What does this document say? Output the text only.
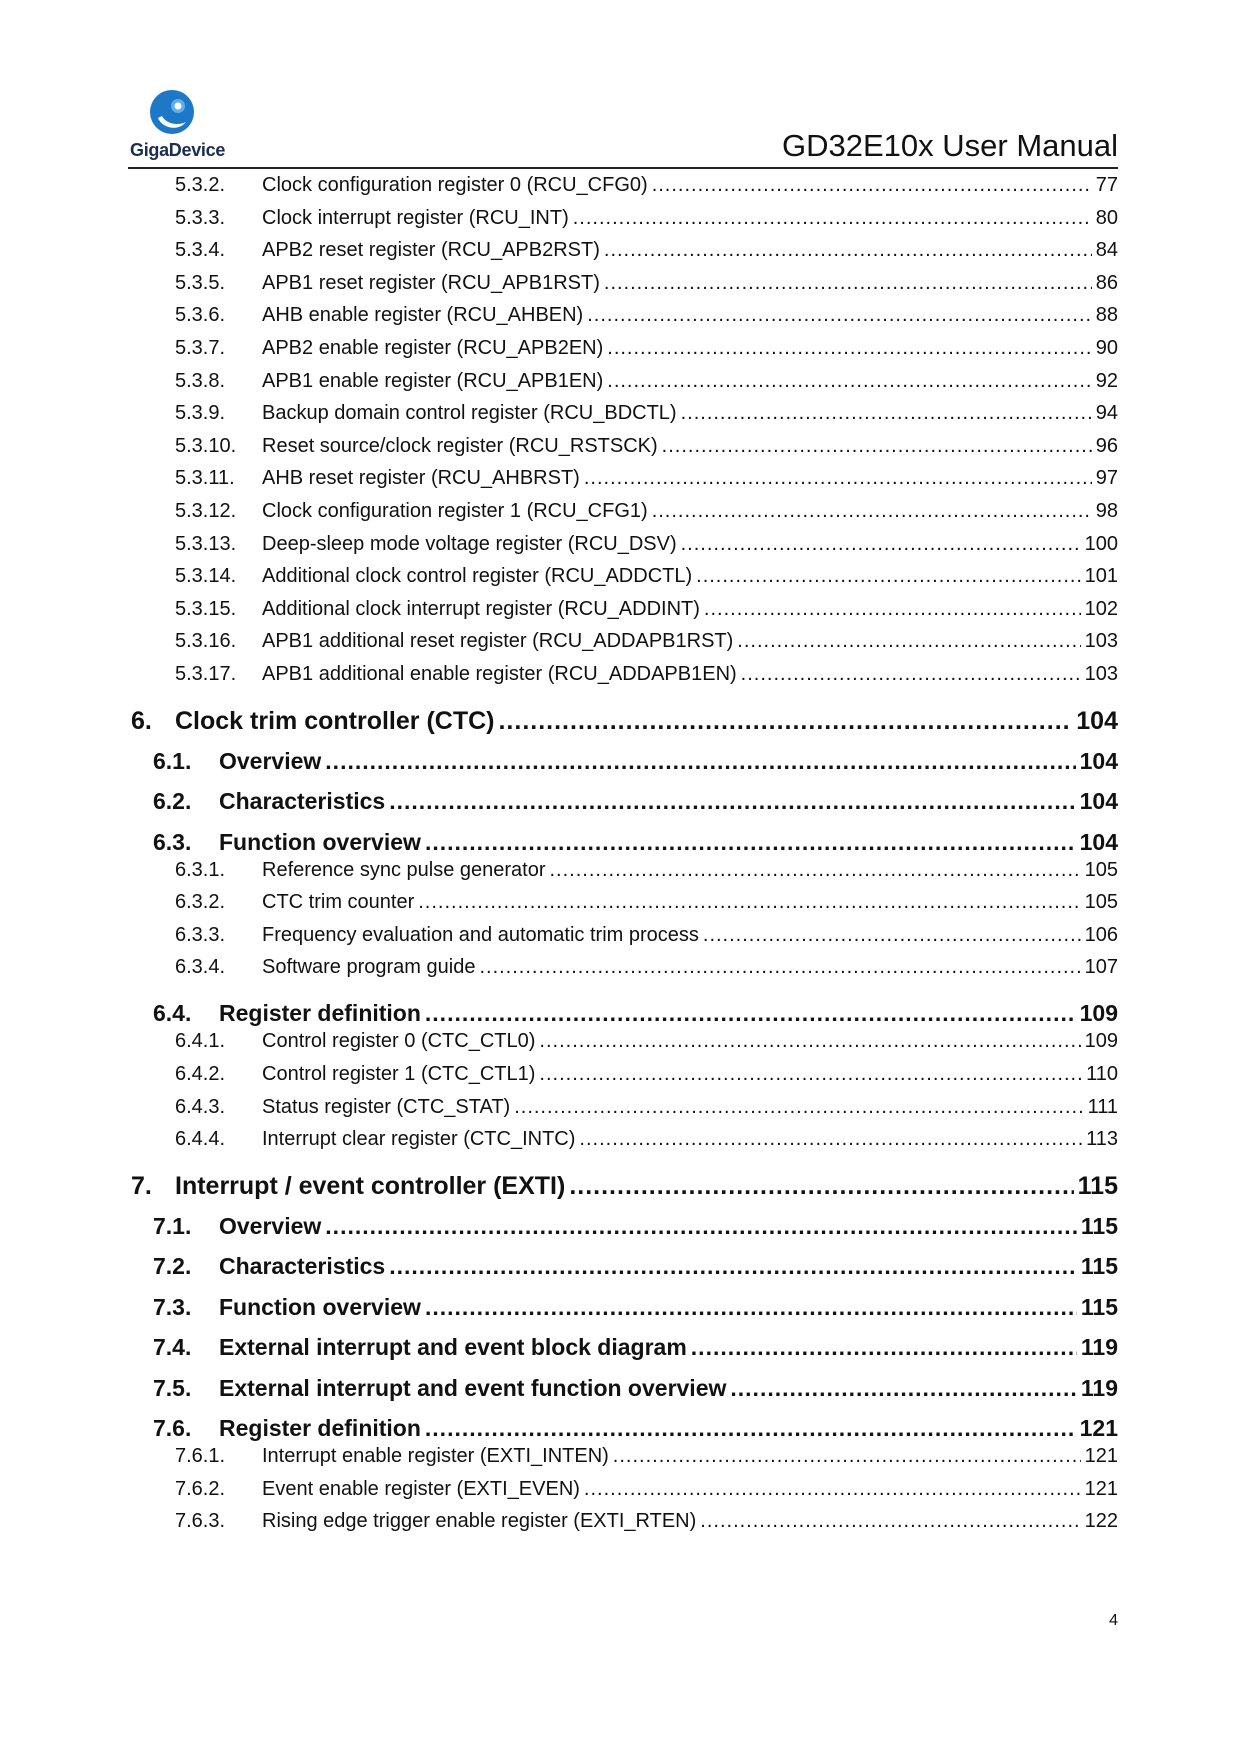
GigaDevice	GD32E10x User Manual
5.3.2. Clock configuration register 0 (RCU_CFG0) .....	77
5.3.3. Clock interrupt register (RCU_INT) .....	80
5.3.4. APB2 reset register (RCU_APB2RST) .....	84
5.3.5. APB1 reset register (RCU_APB1RST) .....	86
5.3.6. AHB enable register (RCU_AHBEN) .....	88
5.3.7. APB2 enable register (RCU_APB2EN) .....	90
5.3.8. APB1 enable register (RCU_APB1EN) .....	92
5.3.9. Backup domain control register (RCU_BDCTL) .....	94
5.3.10. Reset source/clock register (RCU_RSTSCK) .....	96
5.3.11. AHB reset register (RCU_AHBRST) .....	97
5.3.12. Clock configuration register 1 (RCU_CFG1) .....	98
5.3.13. Deep-sleep mode voltage register (RCU_DSV) .....	100
5.3.14. Additional clock control register (RCU_ADDCTL) .....	101
5.3.15. Additional clock interrupt register (RCU_ADDINT) .....	102
5.3.16. APB1 additional reset register (RCU_ADDAPB1RST) .....	103
5.3.17. APB1 additional enable register (RCU_ADDAPB1EN) .....	103
6. Clock trim controller (CTC) .....	104
6.1. Overview .....	104
6.2. Characteristics .....	104
6.3. Function overview .....	104
6.3.1. Reference sync pulse generator .....	105
6.3.2. CTC trim counter .....	105
6.3.3. Frequency evaluation and automatic trim process .....	106
6.3.4. Software program guide .....	107
6.4. Register definition .....	109
6.4.1. Control register 0 (CTC_CTL0) .....	109
6.4.2. Control register 1 (CTC_CTL1) .....	110
6.4.3. Status register (CTC_STAT) .....	111
6.4.4. Interrupt clear register (CTC_INTC) .....	113
7. Interrupt / event controller (EXTI) .....	115
7.1. Overview .....	115
7.2. Characteristics .....	115
7.3. Function overview .....	115
7.4. External interrupt and event block diagram .....	119
7.5. External interrupt and event function overview .....	119
7.6. Register definition .....	121
7.6.1. Interrupt enable register (EXTI_INTEN) .....	121
7.6.2. Event enable register (EXTI_EVEN) .....	121
7.6.3. Rising edge trigger enable register (EXTI_RTEN) .....	122
4
